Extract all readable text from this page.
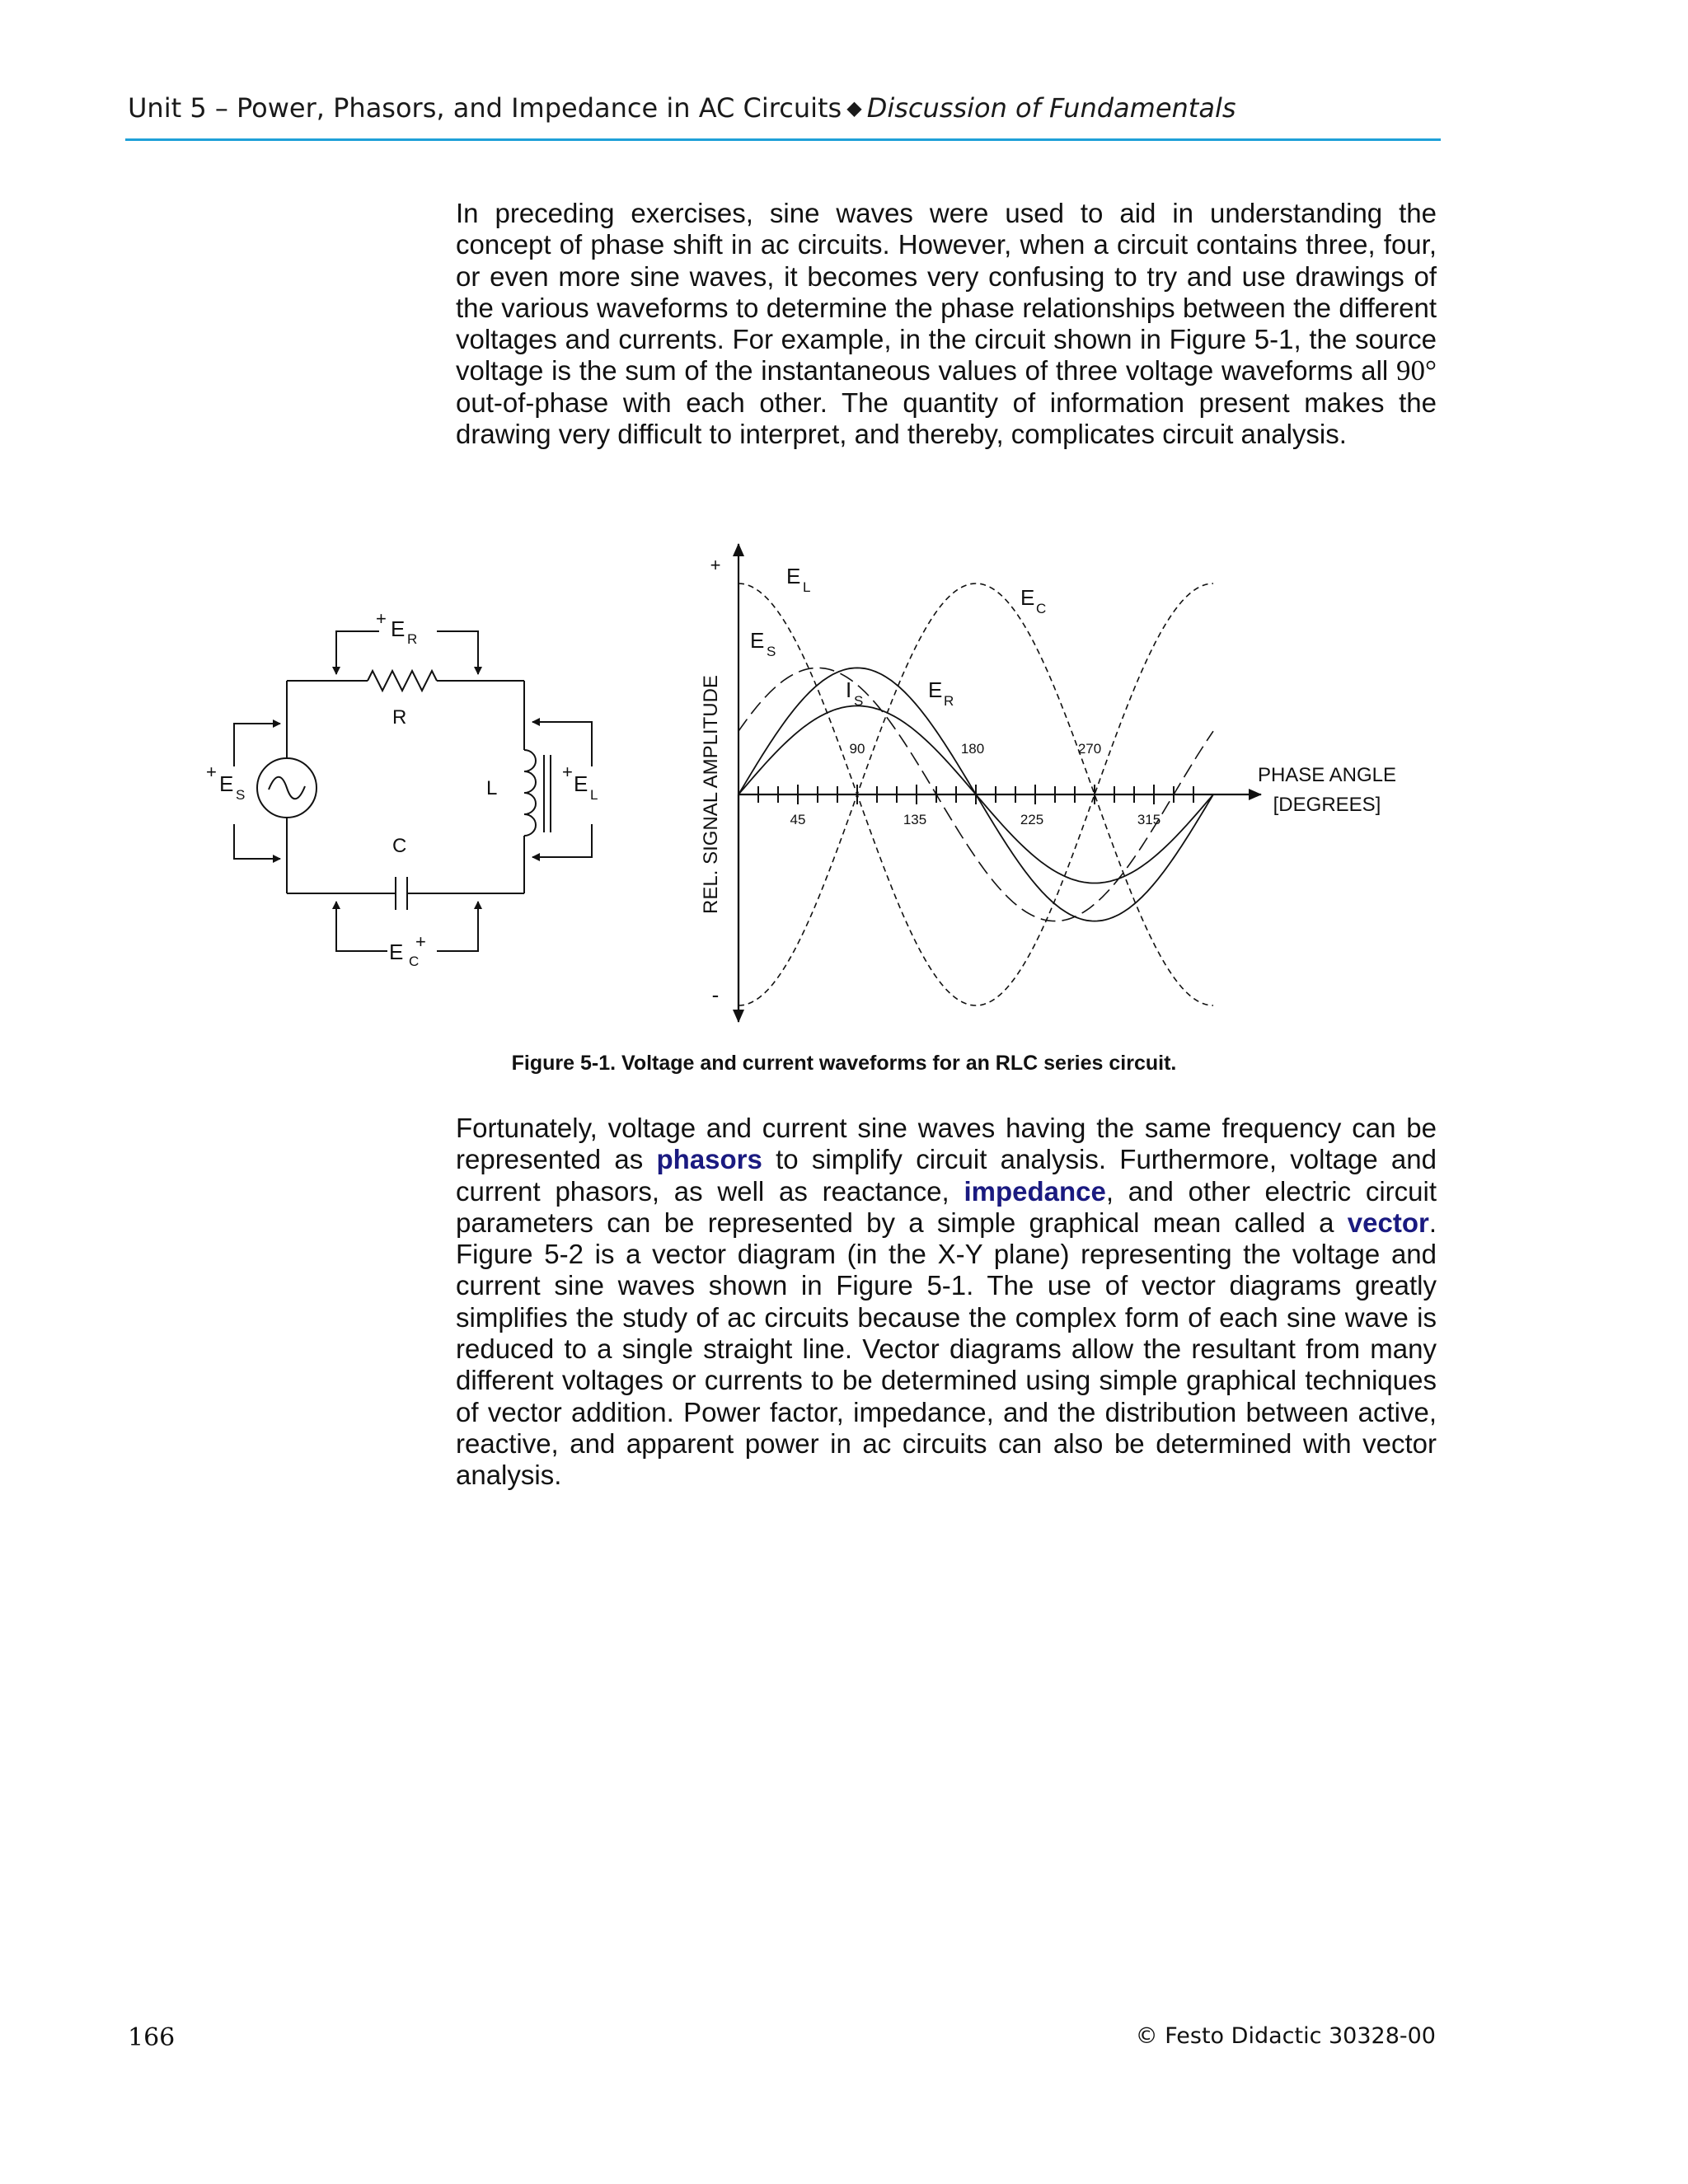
Unit 5 – Power, Phasors, and Impedance in AC Circuits ◆ Discussion of Fundamentals

In preceding exercises, sine waves were used to aid in understanding the concept of phase shift in ac circuits. However, when a circuit contains three, four, or even more sine waves, it becomes very confusing to try and use drawings of the various waveforms to determine the phase relationships between the different voltages and currents. For example, in the circuit shown in Figure 5-1, the source voltage is the sum of the instantaneous values of three voltage waveforms all 90° out-of-phase with each other. The quantity of information present makes the drawing very difficult to interpret, and thereby, complicates circuit analysis.

+ E R
R
+ E L
L
+ E S
C
E C
+
+
-
REL. SIGNAL AMPLITUDE	PHASE ANGLE
[DEGREES]
90	180	270
45	135	225	315
E L	E C
E S
E R
I S
Figure 5-1. Voltage and current waveforms for an RLC series circuit.

Fortunately, voltage and current sine waves having the same frequency can be represented as phasors to simplify circuit analysis. Furthermore, voltage and current phasors, as well as reactance, impedance, and other electric circuit parameters can be represented by a simple graphical mean called a vector. Figure 5-2 is a vector diagram (in the X-Y plane) representing the voltage and current sine waves shown in Figure 5-1. The use of vector diagrams greatly simplifies the study of ac circuits because the complex form of each sine wave is reduced to a single straight line. Vector diagrams allow the resultant from many different voltages or currents to be determined using simple graphical techniques of vector addition. Power factor, impedance, and the distribution between active, reactive, and apparent power in ac circuits can also be determined with vector analysis.

166	© Festo Didactic 30328-00
